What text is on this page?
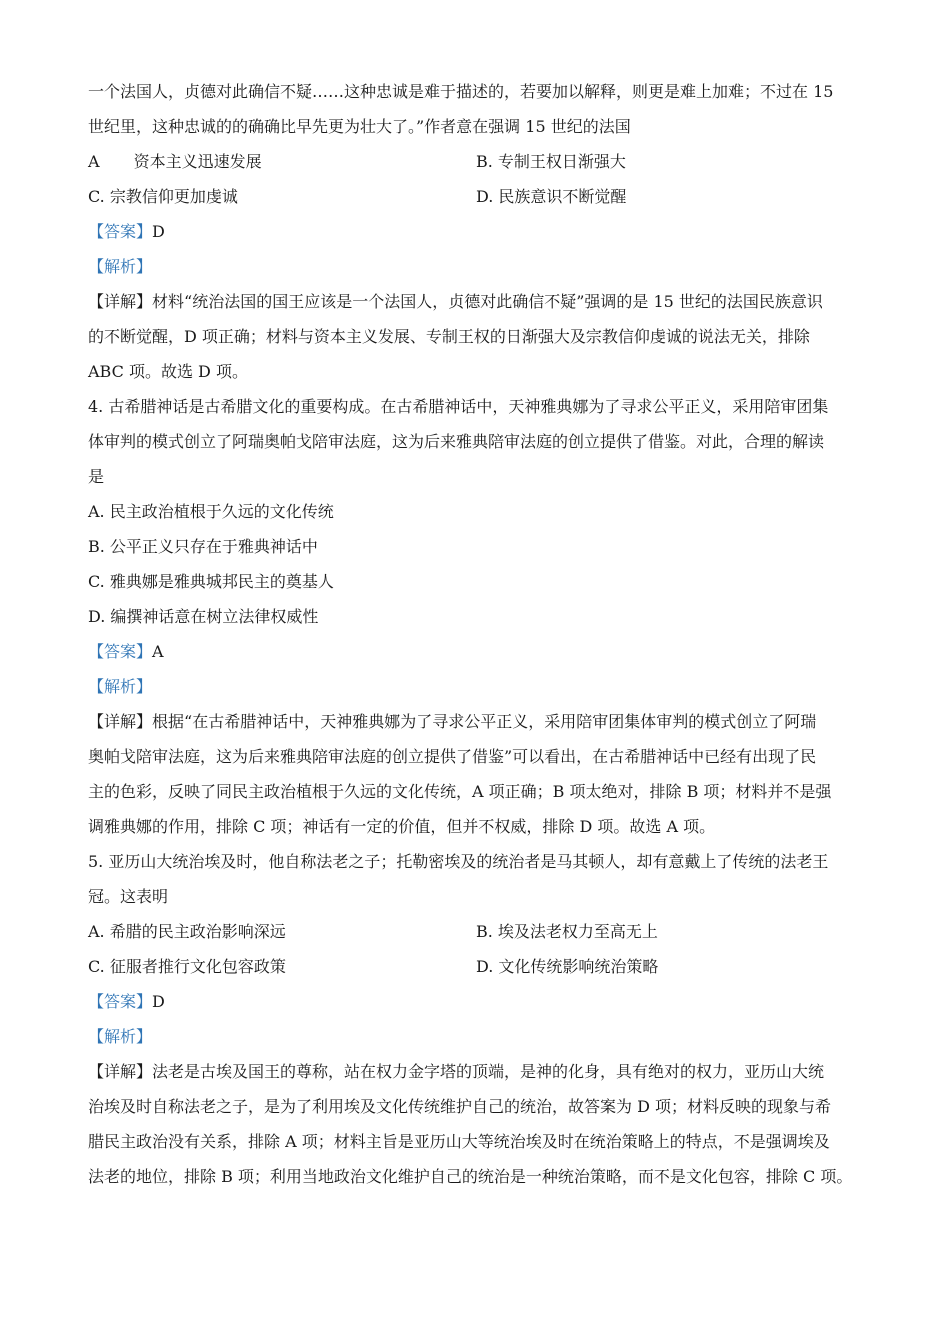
一个法国人，贞德对此确信不疑……这种忠诚是难于描述的，若要加以解释，则更是难上加难；不过在 15
世纪里，这种忠诚的的确确比早先更为壮大了。”作者意在强调 15 世纪的法国
A 资本主义迅速发展	B. 专制王权日渐强大
C. 宗教信仰更加虔诚	D. 民族意识不断觉醒
【答案】D
【解析】
【详解】材料“统治法国的国王应该是一个法国人，贞德对此确信不疑”强调的是 15 世纪的法国民族意识
的不断觉醒，D 项正确；材料与资本主义发展、专制王权的日渐强大及宗教信仰虔诚的说法无关，排除
ABC 项。故选 D 项。
4. 古希腊神话是古希腊文化的重要构成。在古希腊神话中，天神雅典娜为了寻求公平正义，采用陪审团集
体审判的模式创立了阿瑞奥帕戈陪审法庭，这为后来雅典陪审法庭的创立提供了借鉴。对此，合理的解读
是
A. 民主政治植根于久远的文化传统
B. 公平正义只存在于雅典神话中
C. 雅典娜是雅典城邦民主的奠基人
D. 编撰神话意在树立法律权威性
【答案】A
【解析】
【详解】根据“在古希腊神话中，天神雅典娜为了寻求公平正义，采用陪审团集体审判的模式创立了阿瑞
奥帕戈陪审法庭，这为后来雅典陪审法庭的创立提供了借鉴”可以看出，在古希腊神话中已经有出现了民
主的色彩，反映了同民主政治植根于久远的文化传统，A 项正确；B 项太绝对，排除 B 项；材料并不是强
调雅典娜的作用，排除 C 项；神话有一定的价值，但并不权威，排除 D 项。故选 A 项。
5. 亚历山大统治埃及时，他自称法老之子；托勒密埃及的统治者是马其顿人，却有意戴上了传统的法老王
冠。这表明
A. 希腊的民主政治影响深远	B. 埃及法老权力至高无上
C. 征服者推行文化包容政策	D. 文化传统影响统治策略
【答案】D
【解析】
【详解】法老是古埃及国王的尊称，站在权力金字塔的顶端，是神的化身，具有绝对的权力，亚历山大统
治埃及时自称法老之子，是为了利用埃及文化传统维护自己的统治，故答案为 D 项；材料反映的现象与希
腊民主政治没有关系，排除 A 项；材料主旨是亚历山大等统治埃及时在统治策略上的特点，不是强调埃及
法老的地位，排除 B 项；利用当地政治文化维护自己的统治是一种统治策略，而不是文化包容，排除 C 项。
